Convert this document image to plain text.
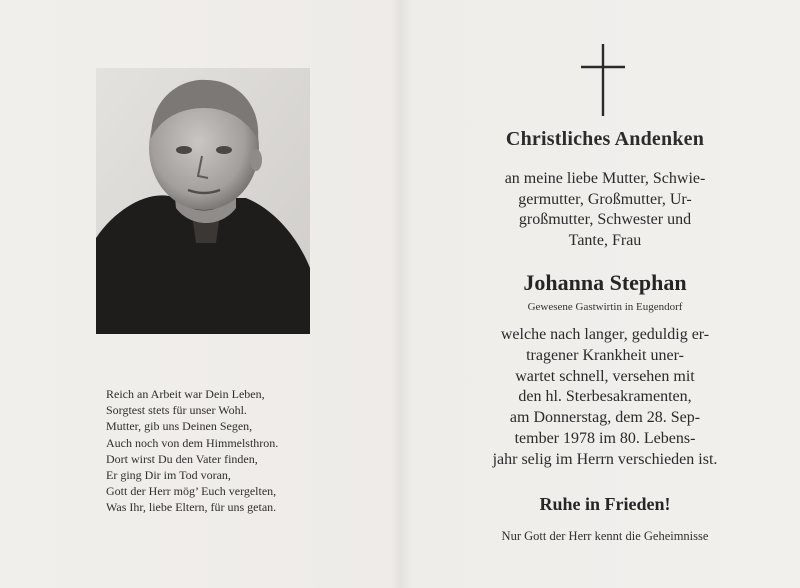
Reich an Arbeit war Dein Leben,
Sorgtest stets für unser Wohl.
Mutter, gib uns Deinen Segen,
Auch noch von dem Himmelsthron.
Dort wirst Du den Vater finden,
Er ging Dir im Tod voran,
Gott der Herr mög’ Euch vergelten,
Was Ihr, liebe Eltern, für uns getan.
Christliches Andenken
an meine liebe Mutter, Schwie-
germutter, Großmutter, Ur-
großmutter, Schwester und
Tante, Frau
Johanna Stephan
Gewesene Gastwirtin in Eugendorf
welche nach langer, geduldig er-
tragener Krankheit uner-
wartet schnell, versehen mit
den hl. Sterbesakramenten,
am Donnerstag, dem 28. Sep-
tember 1978 im 80. Lebens-
jahr selig im Herrn verschieden ist.
Ruhe in Frieden!
Nur Gott der Herr kennt die Geheimnisse
